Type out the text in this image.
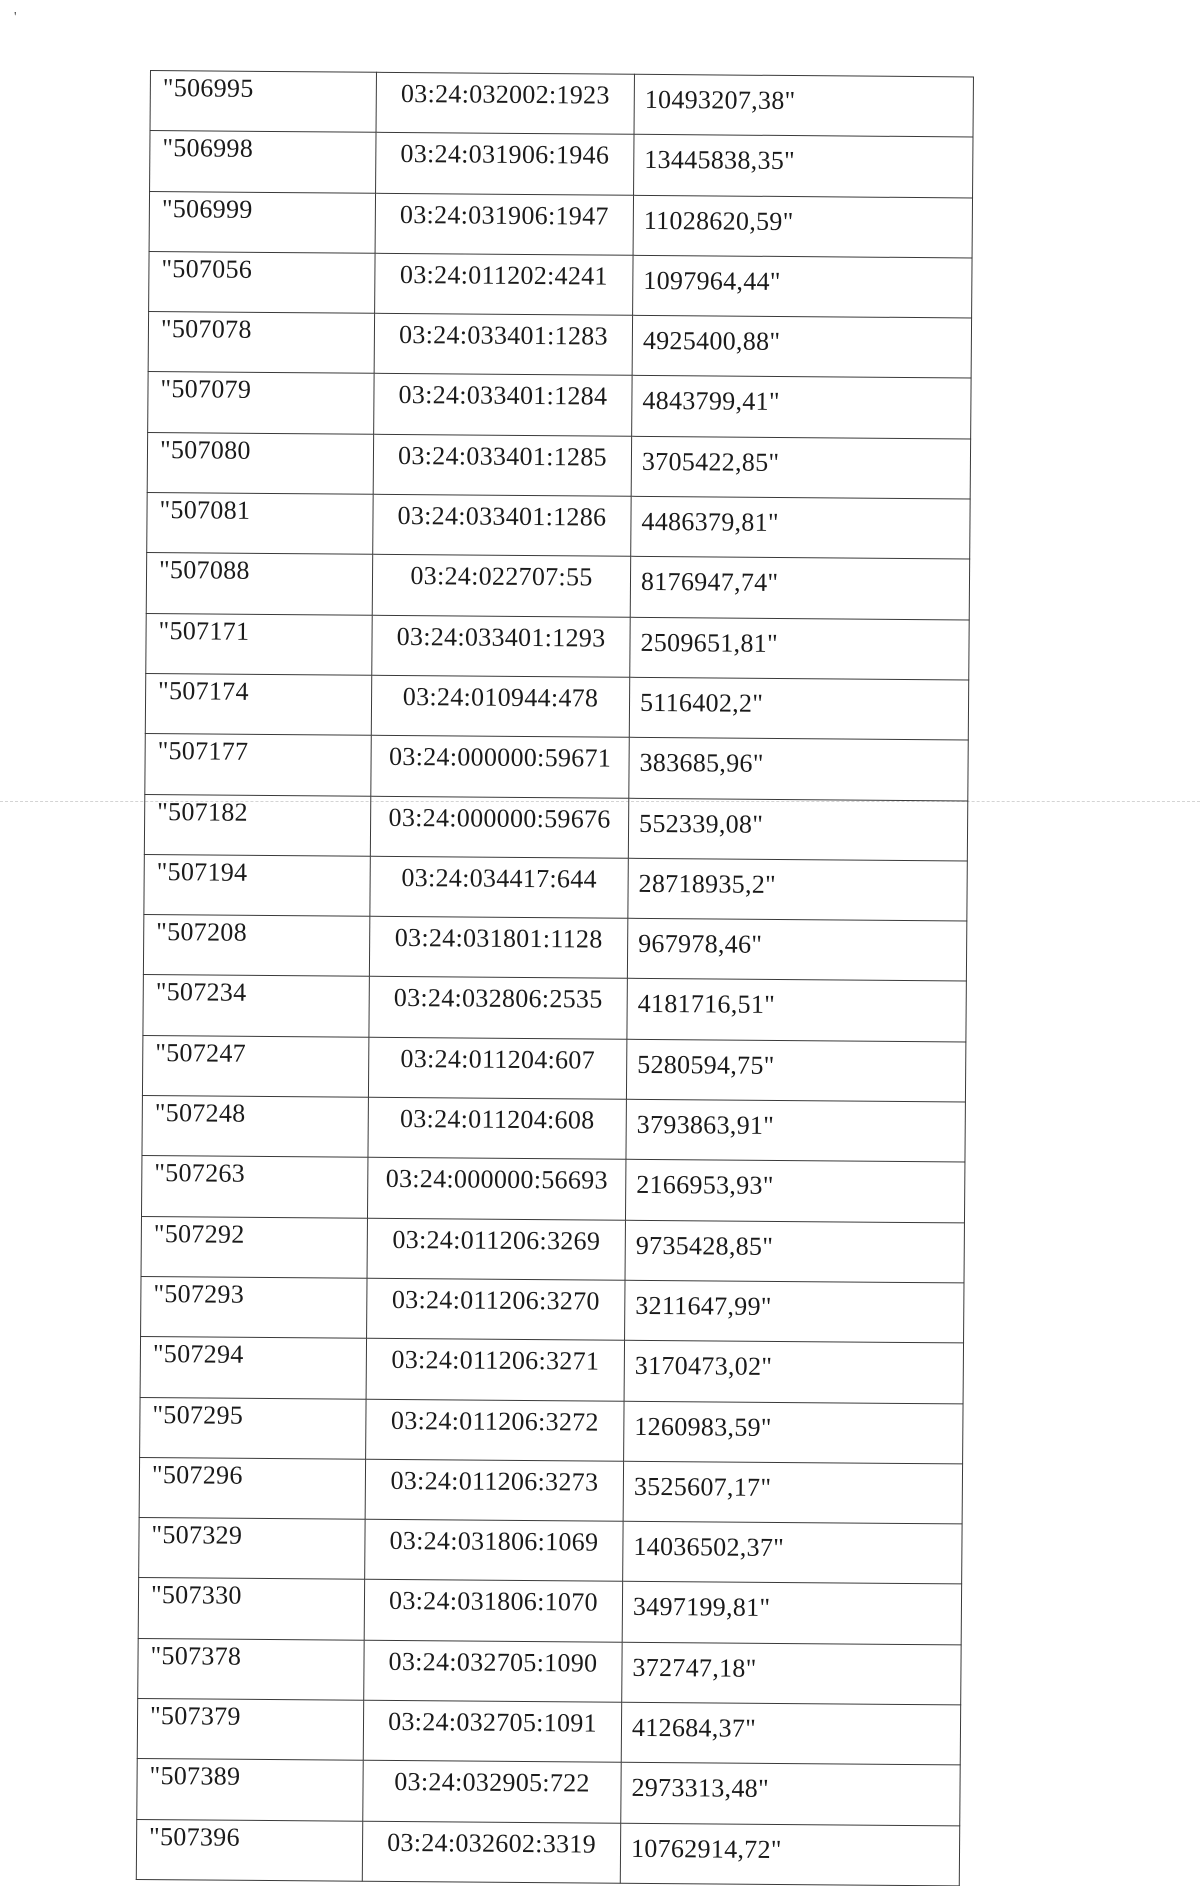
'
"506995	03:24:032002:1923	10493207,38"
"506998	03:24:031906:1946	13445838,35"
"506999	03:24:031906:1947	11028620,59"
"507056	03:24:011202:4241	1097964,44"
"507078	03:24:033401:1283	4925400,88"
"507079	03:24:033401:1284	4843799,41"
"507080	03:24:033401:1285	3705422,85"
"507081	03:24:033401:1286	4486379,81"
"507088	03:24:022707:55	8176947,74"
"507171	03:24:033401:1293	2509651,81"
"507174	03:24:010944:478	5116402,2"
"507177	03:24:000000:59671	383685,96"
"507182	03:24:000000:59676	552339,08"
"507194	03:24:034417:644	28718935,2"
"507208	03:24:031801:1128	967978,46"
"507234	03:24:032806:2535	4181716,51"
"507247	03:24:011204:607	5280594,75"
"507248	03:24:011204:608	3793863,91"
"507263	03:24:000000:56693	2166953,93"
"507292	03:24:011206:3269	9735428,85"
"507293	03:24:011206:3270	3211647,99"
"507294	03:24:011206:3271	3170473,02"
"507295	03:24:011206:3272	1260983,59"
"507296	03:24:011206:3273	3525607,17"
"507329	03:24:031806:1069	14036502,37"
"507330	03:24:031806:1070	3497199,81"
"507378	03:24:032705:1090	372747,18"
"507379	03:24:032705:1091	412684,37"
"507389	03:24:032905:722	2973313,48"
"507396	03:24:032602:3319	10762914,72"
